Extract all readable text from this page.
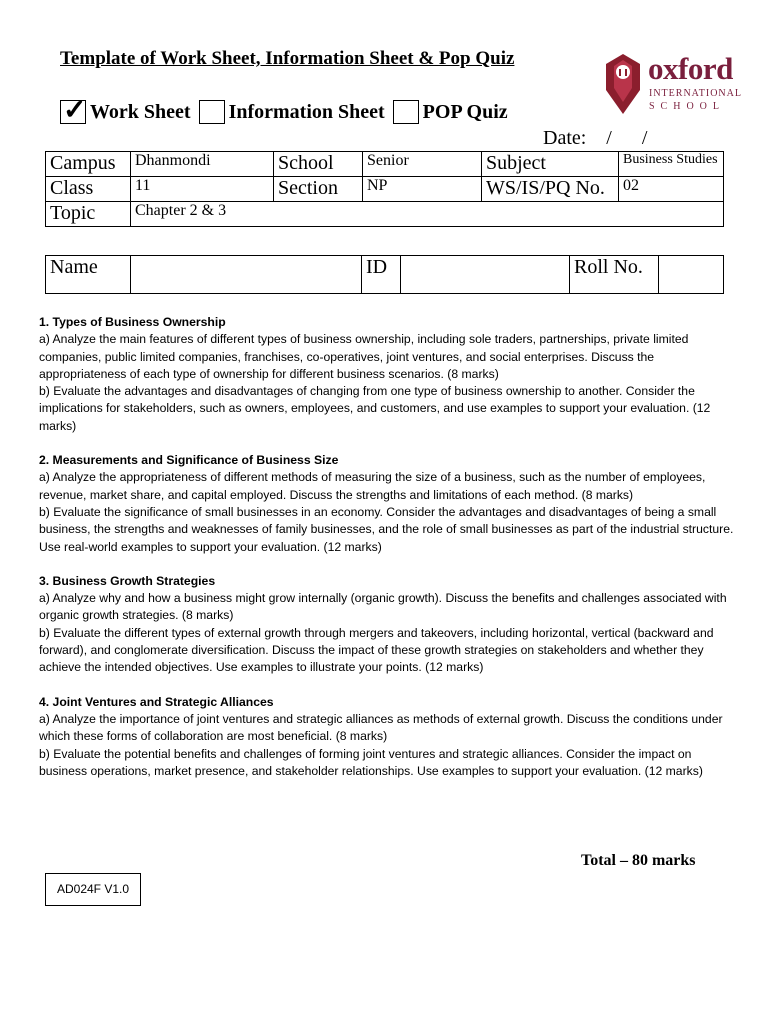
Template of Work Sheet, Information Sheet & Pop Quiz	oxford
INTERNATIONAL
SCHOOL
✓ Work Sheet Information Sheet POP Quiz
Date:    /      /
Campus	Dhanmondi	School	Senior	Subject	Business Studies
Class	11	Section	NP	WS/IS/PQ No.	02
Topic	Chapter 2 & 3				
Name		ID		Roll No.	

1. Types of Business Ownership
a) Analyze the main features of different types of business ownership, including sole traders, partnerships, private limited companies, public limited companies, franchises, co-operatives, joint ventures, and social enterprises. Discuss the appropriateness of each type of ownership for different business scenarios. (8 marks)
b) Evaluate the advantages and disadvantages of changing from one type of business ownership to another. Consider the implications for stakeholders, such as owners, employees, and customers, and use examples to support your evaluation. (12 marks)

2. Measurements and Significance of Business Size
a) Analyze the appropriateness of different methods of measuring the size of a business, such as the number of employees, revenue, market share, and capital employed. Discuss the strengths and limitations of each method. (8 marks)
b) Evaluate the significance of small businesses in an economy. Consider the advantages and disadvantages of being a small business, the strengths and weaknesses of family businesses, and the role of small businesses as part of the industrial structure. Use real-world examples to support your evaluation. (12 marks)

3. Business Growth Strategies
a) Analyze why and how a business might grow internally (organic growth). Discuss the benefits and challenges associated with organic growth strategies. (8 marks)
b) Evaluate the different types of external growth through mergers and takeovers, including horizontal, vertical (backward and forward), and conglomerate diversification. Discuss the impact of these growth strategies on stakeholders and whether they achieve the intended objectives. Use examples to illustrate your points. (12 marks)

4. Joint Ventures and Strategic Alliances
a) Analyze the importance of joint ventures and strategic alliances as methods of external growth. Discuss the conditions under which these forms of collaboration are most beneficial. (8 marks)
b) Evaluate the potential benefits and challenges of forming joint ventures and strategic alliances. Consider the impact on business operations, market presence, and stakeholder relationships. Use examples to support your evaluation. (12 marks)

Total – 80 marks
AD024F V1.0
